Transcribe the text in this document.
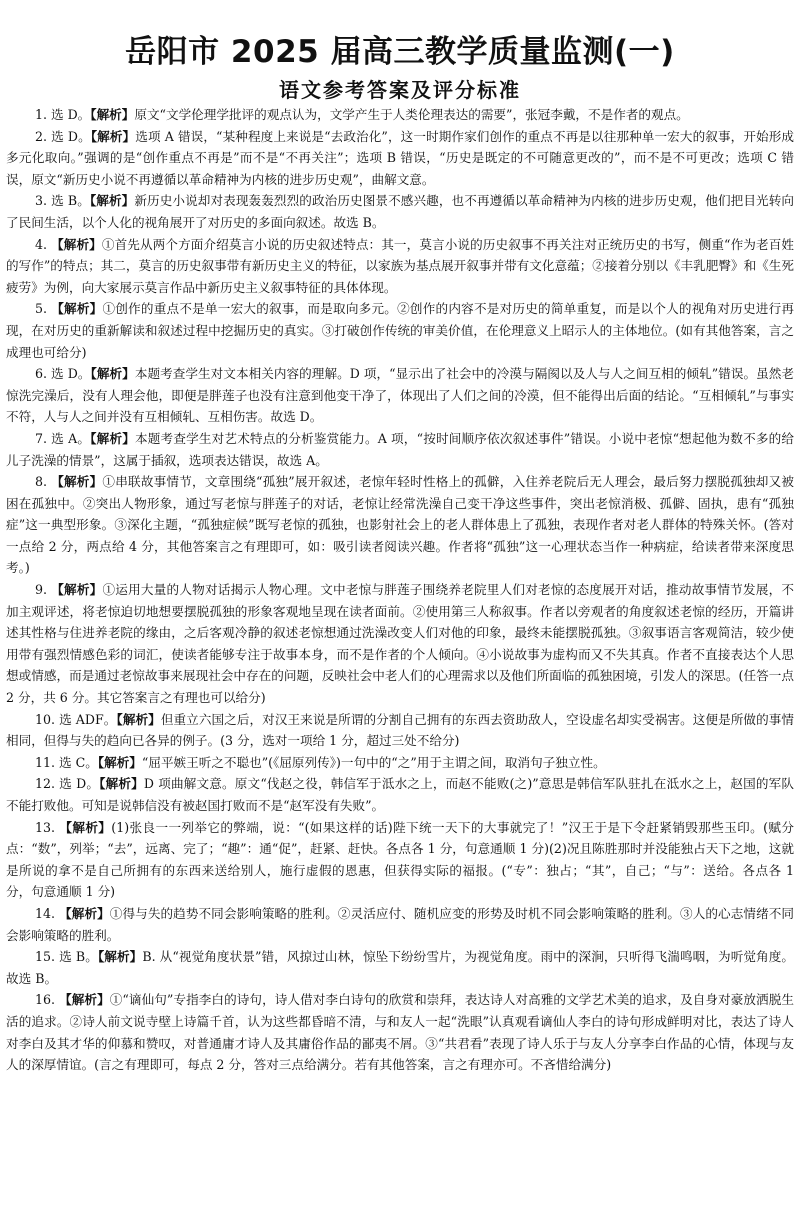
岳阳市 2025 届高三教学质量监测(一)
语文参考答案及评分标准

1. 选 D。【解析】原文“文学伦理学批评的观点认为，文学产生于人类伦理表达的需要”，张冠李戴，不是作者的观点。

2. 选 D。【解析】选项 A 错误，“某种程度上来说是“去政治化”，这一时期作家们创作的重点不再是以往那种单一宏大的叙事，开始形成多元化取向。”强调的是“创作重点不再是”而不是“不再关注”；选项 B 错误，“历史是既定的不可随意更改的”，而不是不可更改；选项 C 错误，原文“新历史小说不再遵循以革命精神为内核的进步历史观”，曲解文意。

3. 选 B。【解析】新历史小说却对表现轰轰烈烈的政治历史图景不感兴趣，也不再遵循以革命精神为内核的进步历史观，他们把目光转向了民间生活，以个人化的视角展开了对历史的多面向叙述。故选 B。

4. 【解析】①首先从两个方面介绍莫言小说的历史叙述特点：其一，莫言小说的历史叙事不再关注对正统历史的书写，侧重“作为老百姓的写作”的特点；其二，莫言的历史叙事带有新历史主义的特征，以家族为基点展开叙事并带有文化意蕴；②接着分别以《丰乳肥臀》和《生死疲劳》为例，向大家展示莫言作品中新历史主义叙事特征的具体体现。

5. 【解析】①创作的重点不是单一宏大的叙事，而是取向多元。②创作的内容不是对历史的简单重复，而是以个人的视角对历史进行再现，在对历史的重新解读和叙述过程中挖掘历史的真实。③打破创作传统的审美价值，在伦理意义上昭示人的主体地位。(如有其他答案，言之成理也可给分)

6. 选 D。【解析】本题考查学生对文本相关内容的理解。D 项，“显示出了社会中的冷漠与隔阂以及人与人之间互相的倾轧”错误。虽然老惊洗完澡后，没有人理会他，即便是胖莲子也没有注意到他变干净了，体现出了人们之间的冷漠，但不能得出后面的结论。“互相倾轧”与事实不符，人与人之间并没有互相倾轧、互相伤害。故选 D。

7. 选 A。【解析】本题考查学生对艺术特点的分析鉴赏能力。A 项，“按时间顺序依次叙述事件”错误。小说中老惊“想起他为数不多的给儿子洗澡的情景”，这属于插叙，选项表达错误，故选 A。

8. 【解析】①串联故事情节，文章围绕“孤独”展开叙述，老惊年轻时性格上的孤僻，入住养老院后无人理会，最后努力摆脱孤独却又被困在孤独中。②突出人物形象，通过写老惊与胖莲子的对话，老惊让经常洗澡自己变干净这些事件，突出老惊消极、孤僻、固执，患有“孤独症”这一典型形象。③深化主题，“孤独症候”既写老惊的孤独，也影射社会上的老人群体患上了孤独，表现作者对老人群体的特殊关怀。(答对一点给 2 分，两点给 4 分，其他答案言之有理即可，如：吸引读者阅读兴趣。作者将“孤独”这一心理状态当作一种病症，给读者带来深度思考。)

9. 【解析】①运用大量的人物对话揭示人物心理。文中老惊与胖莲子围绕养老院里人们对老惊的态度展开对话，推动故事情节发展，不加主观评述，将老惊迫切地想要摆脱孤独的形象客观地呈现在读者面前。②使用第三人称叙事。作者以旁观者的角度叙述老惊的经历，开篇讲述其性格与住进养老院的缘由，之后客观冷静的叙述老惊想通过洗澡改变人们对他的印象，最终未能摆脱孤独。③叙事语言客观简洁，较少使用带有强烈情感色彩的词汇，使读者能够专注于故事本身，而不是作者的个人倾向。④小说故事为虚构而又不失其真。作者不直接表达个人思想或情感，而是通过老惊故事来展现社会中存在的问题，反映社会中老人们的心理需求以及他们所面临的孤独困境，引发人的深思。(任答一点 2 分，共 6 分。其它答案言之有理也可以给分)

10. 选 ADF。【解析】但重立六国之后，对汉王来说是所谓的分割自己拥有的东西去资助敌人，空设虚名却实受祸害。这便是所做的事情相同，但得与失的趋向已各异的例子。(3 分，选对一项给 1 分，超过三处不给分)

11. 选 C。【解析】“屈平嫉王听之不聪也”(《屈原列传》)一句中的“之”用于主谓之间，取消句子独立性。

12. 选 D。【解析】D 项曲解文意。原文“伐赵之役，韩信军于泜水之上，而赵不能败(之)”意思是韩信军队驻扎在泜水之上，赵国的军队不能打败他。可知是说韩信没有被赵国打败而不是“赵军没有失败”。

13. 【解析】(1)张良一一列举它的弊端，说：“(如果这样的话)陛下统一天下的大事就完了！”汉王于是下令赶紧销毁那些玉印。(赋分点：“数”，列举；“去”，远离、完了；“趣”：通“促”，赶紧、赶快。各点各 1 分，句意通顺 1 分)(2)况且陈胜那时并没能独占天下之地，这就是所说的拿不是自己所拥有的东西来送给别人，施行虚假的恩惠，但获得实际的福报。(“专”：独占；“其”，自己；“与”：送给。各点各 1 分，句意通顺 1 分)

14. 【解析】①得与失的趋势不同会影响策略的胜利。②灵活应付、随机应变的形势及时机不同会影响策略的胜利。③人的心志情绪不同会影响策略的胜利。

15. 选 B。【解析】B. 从“视觉角度状景”错，风掠过山林，惊坠下纷纷雪片，为视觉角度。雨中的深涧，只听得飞湍鸣咽，为听觉角度。故选 B。

16. 【解析】①“谪仙句”专指李白的诗句，诗人借对李白诗句的欣赏和崇拜，表达诗人对高雅的文学艺术美的追求，及自身对豪放洒脱生活的追求。②诗人前文说寺壁上诗篇千首，认为这些都昏暗不清，与和友人一起“洗眼”认真观看谪仙人李白的诗句形成鲜明对比，表达了诗人对李白及其才华的仰慕和赞叹，对普通庸才诗人及其庸俗作品的鄙夷不屑。③“共君看”表现了诗人乐于与友人分享李白作品的心情，体现与友人的深厚情谊。(言之有理即可，每点 2 分，答对三点给满分。若有其他答案，言之有理亦可。不吝惜给满分)
